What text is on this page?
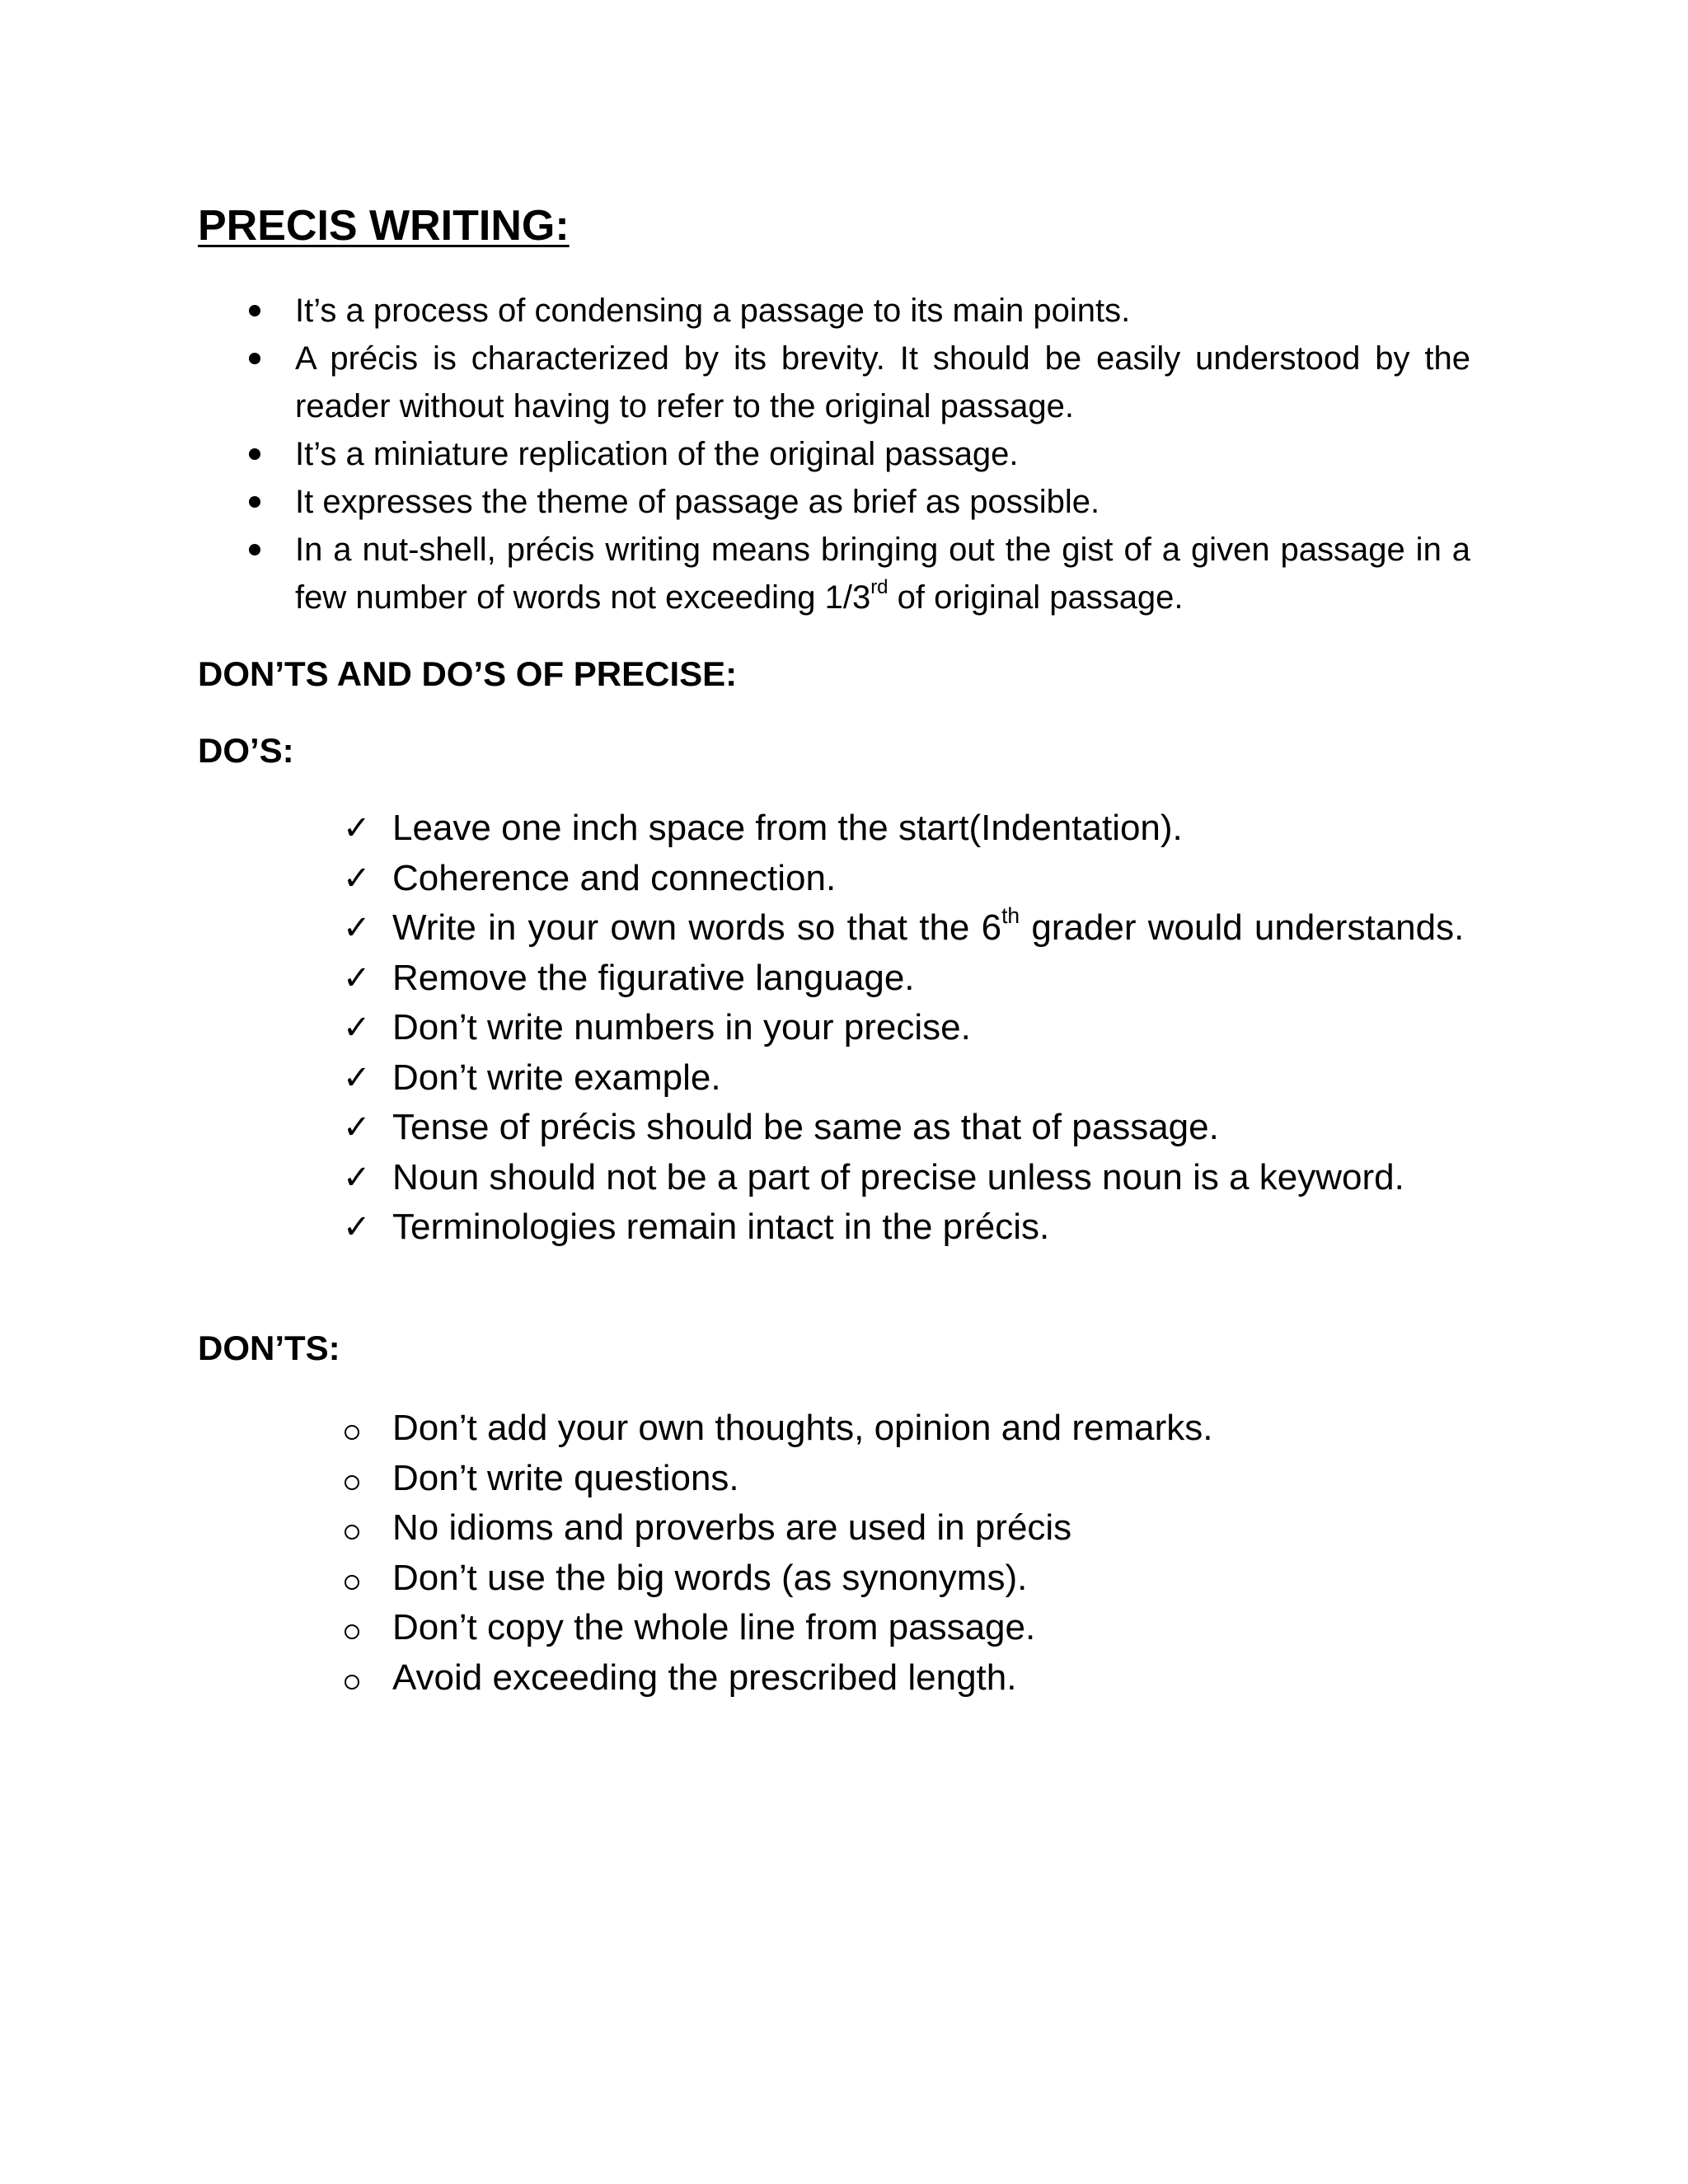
PRECIS WRITING:
It’s a process of condensing a passage to its main points.
A précis is characterized by its brevity. It should be easily understood by the reader without having to refer to the original passage.
It’s a miniature replication of the original passage.
It expresses the theme of passage as brief as possible.
In a nut-shell, précis writing means bringing out the gist of a given passage in a few number of words not exceeding 1/3rd of original passage.
DON’TS AND DO’S OF PRECISE:
DO’S:
✓ Leave one inch space from the start(Indentation).
✓ Coherence and connection.
✓ Write in your own words so that the 6th grader would understands.
✓ Remove the figurative language.
✓ Don’t write numbers in your precise.
✓ Don’t write example.
✓ Tense of précis should be same as that of passage.
✓ Noun should not be a part of precise unless noun is a keyword.
✓ Terminologies remain intact in the précis.
DON’TS:
Don’t add your own thoughts, opinion and remarks.
Don’t write questions.
No idioms and proverbs are used in précis
Don’t use the big words (as synonyms).
Don’t copy the whole line from passage.
Avoid exceeding the prescribed length.
